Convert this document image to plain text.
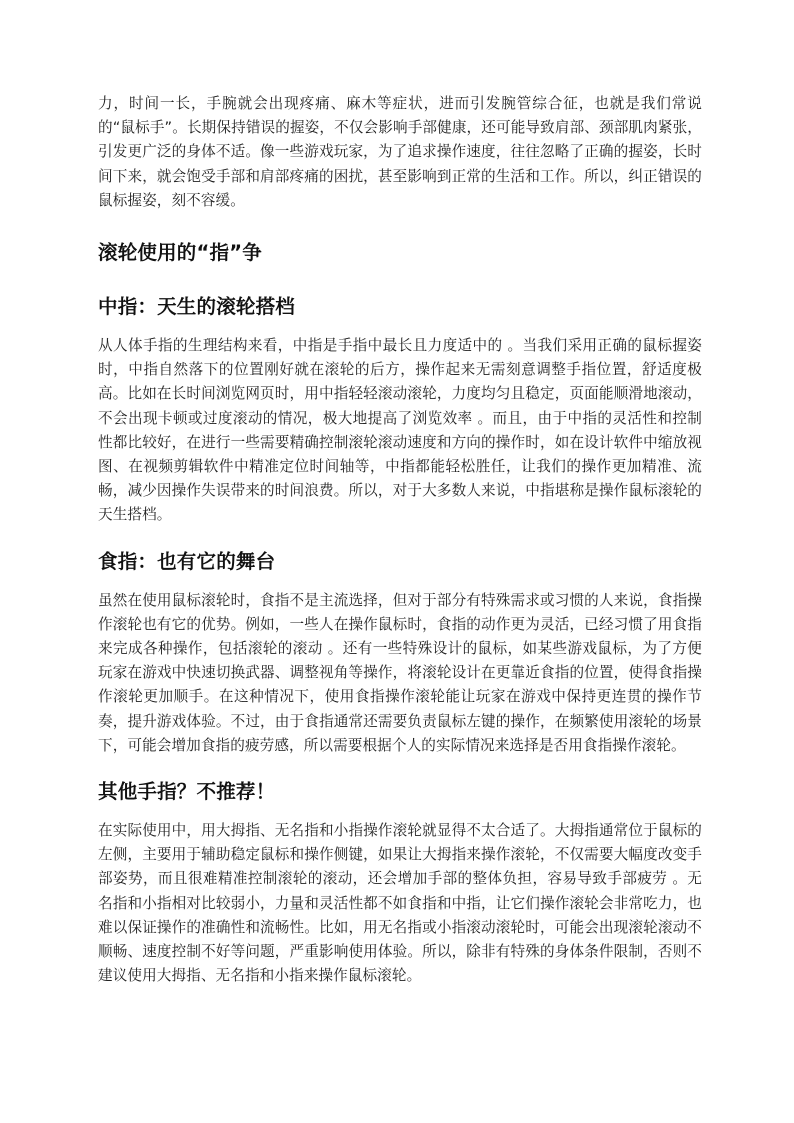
力，时间一长，手腕就会出现疼痛、麻木等症状，进而引发腕管综合征，也就是我们常说的“鼠标手”。长期保持错误的握姿，不仅会影响手部健康，还可能导致肩部、颈部肌肉紧张，引发更广泛的身体不适。像一些游戏玩家，为了追求操作速度，往往忽略了正确的握姿，长时间下来，就会饱受手部和肩部疼痛的困扰，甚至影响到正常的生活和工作。所以，纠正错误的鼠标握姿，刻不容缓。

滚轮使用的“指”争
中指：天生的滚轮搭档

从人体手指的生理结构来看，中指是手指中最长且力度适中的 。当我们采用正确的鼠标握姿时，中指自然落下的位置刚好就在滚轮的后方，操作起来无需刻意调整手指位置，舒适度极高。比如在长时间浏览网页时，用中指轻轻滚动滚轮，力度均匀且稳定，页面能顺滑地滚动，不会出现卡顿或过度滚动的情况，极大地提高了浏览效率 。而且，由于中指的灵活性和控制性都比较好，在进行一些需要精确控制滚轮滚动速度和方向的操作时，如在设计软件中缩放视图、在视频剪辑软件中精准定位时间轴等，中指都能轻松胜任，让我们的操作更加精准、流畅，减少因操作失误带来的时间浪费。所以，对于大多数人来说，中指堪称是操作鼠标滚轮的天生搭档。

食指：也有它的舞台

虽然在使用鼠标滚轮时，食指不是主流选择，但对于部分有特殊需求或习惯的人来说，食指操作滚轮也有它的优势。例如，一些人在操作鼠标时，食指的动作更为灵活，已经习惯了用食指来完成各种操作，包括滚轮的滚动 。还有一些特殊设计的鼠标，如某些游戏鼠标，为了方便玩家在游戏中快速切换武器、调整视角等操作，将滚轮设计在更靠近食指的位置，使得食指操作滚轮更加顺手。在这种情况下，使用食指操作滚轮能让玩家在游戏中保持更连贯的操作节奏，提升游戏体验。不过，由于食指通常还需要负责鼠标左键的操作，在频繁使用滚轮的场景下，可能会增加食指的疲劳感，所以需要根据个人的实际情况来选择是否用食指操作滚轮。

其他手指？不推荐！

在实际使用中，用大拇指、无名指和小指操作滚轮就显得不太合适了。大拇指通常位于鼠标的左侧，主要用于辅助稳定鼠标和操作侧键，如果让大拇指来操作滚轮，不仅需要大幅度改变手部姿势，而且很难精准控制滚轮的滚动，还会增加手部的整体负担，容易导致手部疲劳 。无名指和小指相对比较弱小，力量和灵活性都不如食指和中指，让它们操作滚轮会非常吃力，也难以保证操作的准确性和流畅性。比如，用无名指或小指滚动滚轮时，可能会出现滚轮滚动不顺畅、速度控制不好等问题，严重影响使用体验。所以，除非有特殊的身体条件限制，否则不建议使用大拇指、无名指和小指来操作鼠标滚轮。
